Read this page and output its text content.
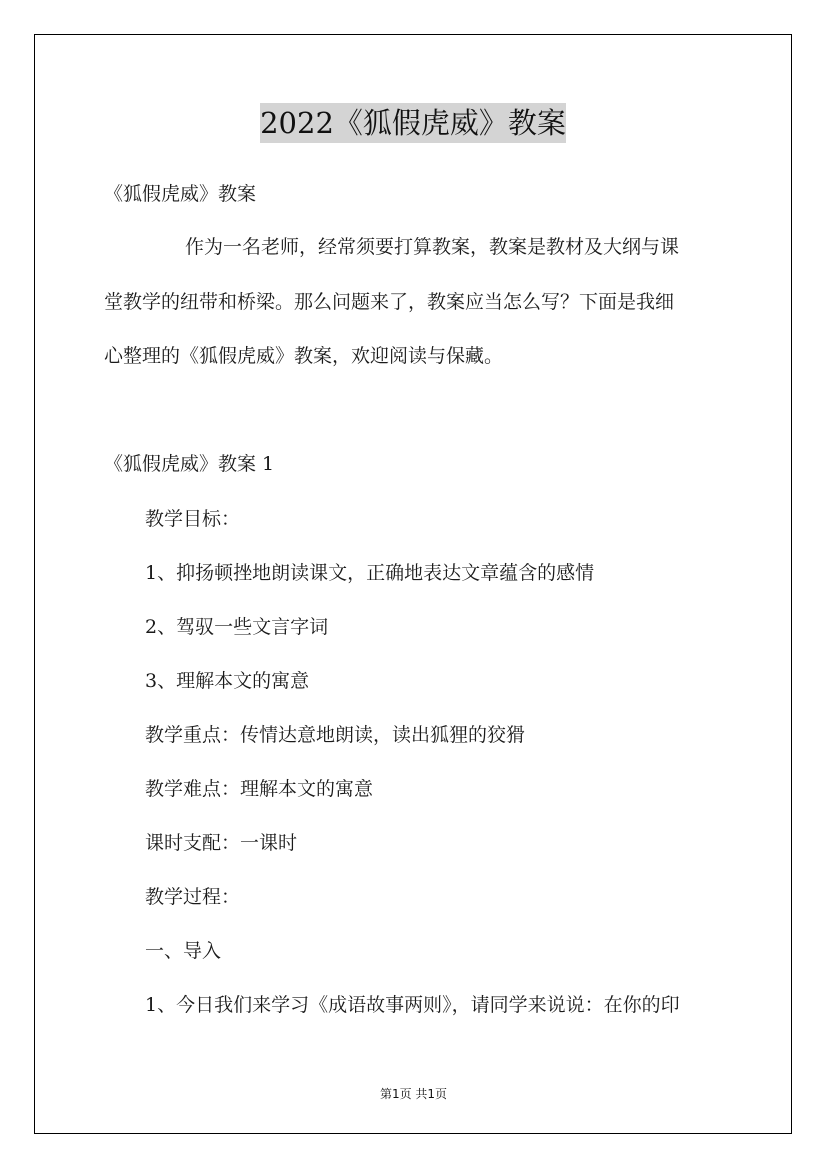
2022《狐假虎威》教案
《狐假虎威》教案
作为一名老师，经常须要打算教案，教案是教材及大纲与课
堂教学的纽带和桥梁。那么问题来了，教案应当怎么写？下面是我细
心整理的《狐假虎威》教案，欢迎阅读与保藏。
《狐假虎威》教案 1
教学目标：
1、抑扬顿挫地朗读课文，正确地表达文章蕴含的感情
2、驾驭一些文言字词
3、理解本文的寓意
教学重点：传情达意地朗读，读出狐狸的狡猾
教学难点：理解本文的寓意
课时支配：一课时
教学过程：
一、导入
1、今日我们来学习《成语故事两则》，请同学来说说：在你的印
第1页 共1页
